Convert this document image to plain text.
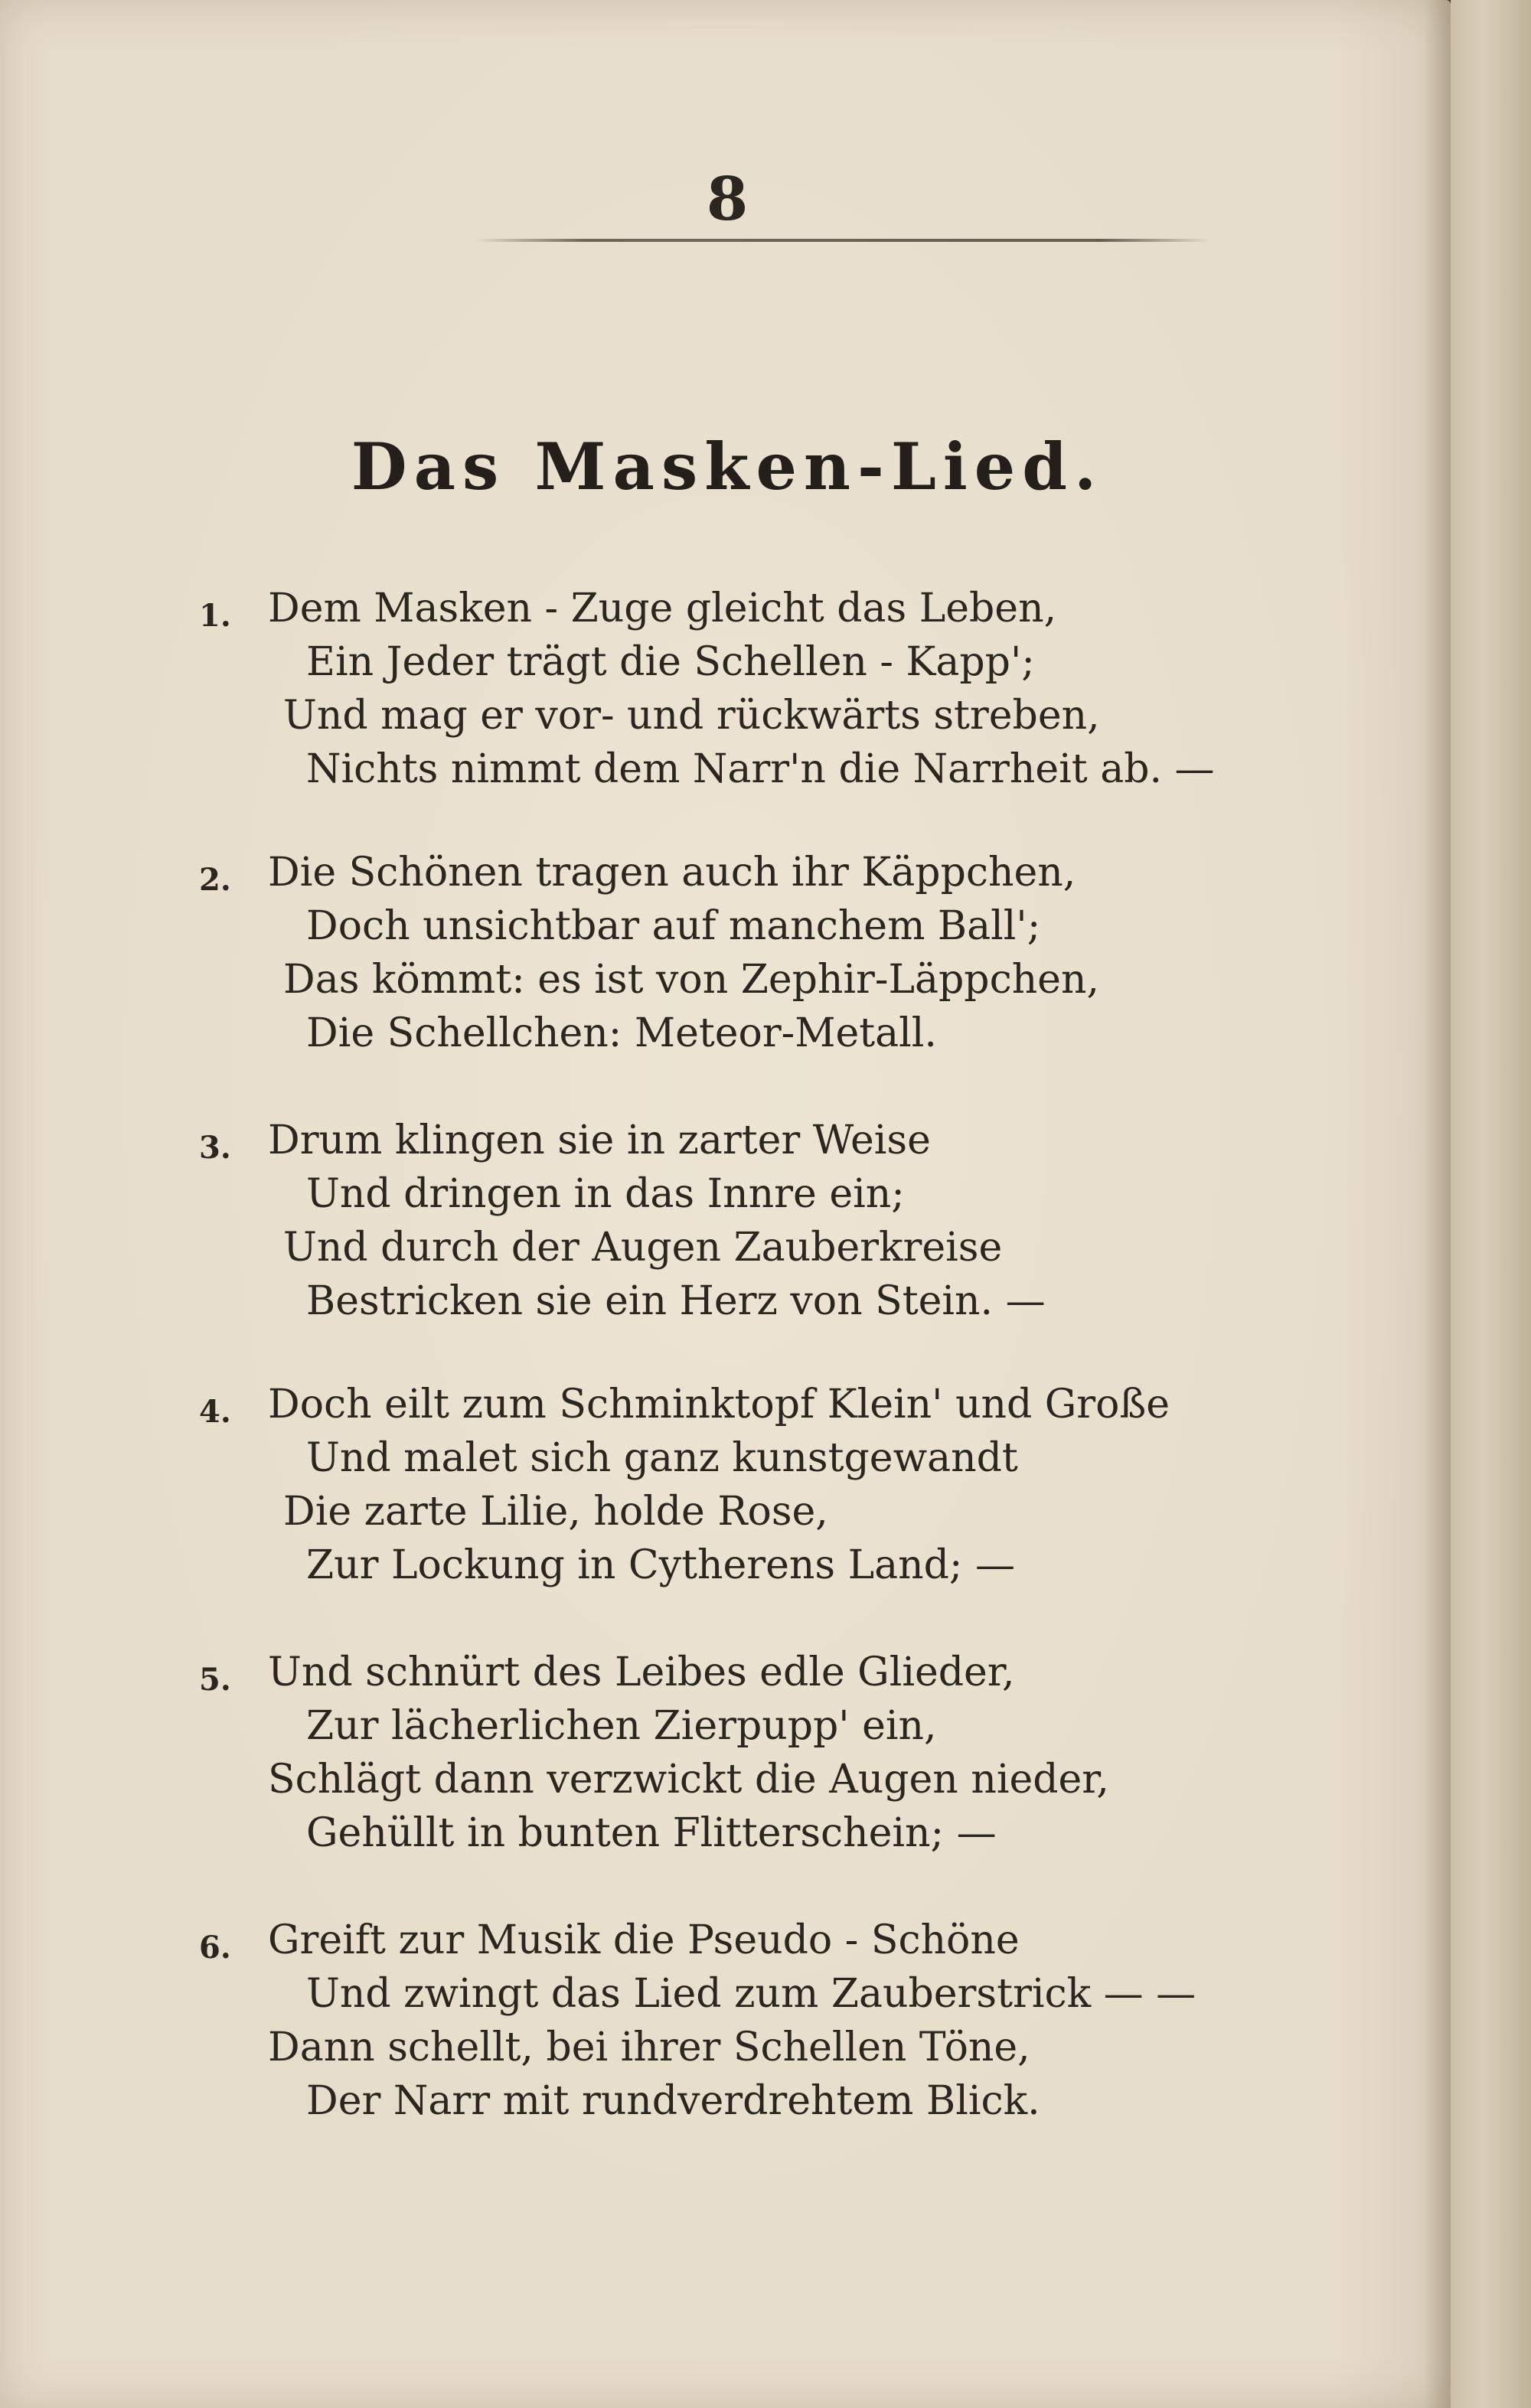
8
Das Masken-Lied.
1. Dem Masken - Zuge gleicht das Leben,
Ein Jeder trägt die Schellen - Kapp';
Und mag er vor- und rückwärts streben,
Nichts nimmt dem Narr'n die Narrheit ab. —
2. Die Schönen tragen auch ihr Käppchen,
Doch unsichtbar auf manchem Ball';
Das kömmt: es ist von Zephir-Läppchen,
Die Schellchen: Meteor-Metall.
3. Drum klingen sie in zarter Weise
Und dringen in das Innre ein;
Und durch der Augen Zauberkreise
Bestricken sie ein Herz von Stein. —
4. Doch eilt zum Schminktopf Klein' und Große
Und malet sich ganz kunstgewandt
Die zarte Lilie, holde Rose,
Zur Lockung in Cytherens Land; —
5. Und schnürt des Leibes edle Glieder,
Zur lächerlichen Zierpupp' ein,
Schlägt dann verzwickt die Augen nieder,
Gehüllt in bunten Flitterschein; —
6. Greift zur Musik die Pseudo - Schöne
Und zwingt das Lied zum Zauberstrick — —
Dann schellt, bei ihrer Schellen Töne,
Der Narr mit rundverdrehtem Blick.
